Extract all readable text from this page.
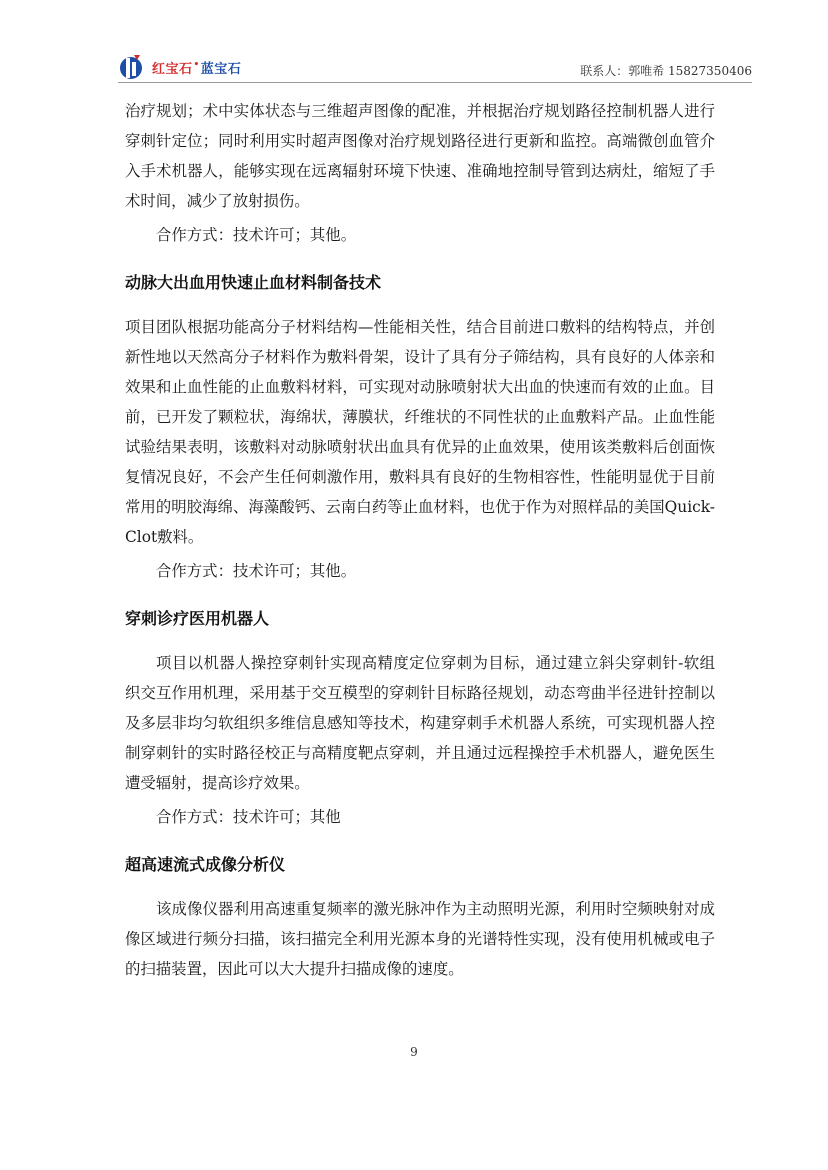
红宝石•蓝宝石	联系人：郭唯希 15827350406

治疗规划；术中实体状态与三维超声图像的配准，并根据治疗规划路径控制机器人进行穿刺针定位；同时利用实时超声图像对治疗规划路径进行更新和监控。高端微创血管介入手术机器人，能够实现在远离辐射环境下快速、准确地控制导管到达病灶，缩短了手术时间，减少了放射损伤。

合作方式：技术许可；其他。

动脉大出血用快速止血材料制备技术

项目团队根据功能高分子材料结构—性能相关性，结合目前进口敷料的结构特点，并创新性地以天然高分子材料作为敷料骨架，设计了具有分子筛结构，具有良好的人体亲和效果和止血性能的止血敷料材料，可实现对动脉喷射状大出血的快速而有效的止血。目前，已开发了颗粒状，海绵状，薄膜状，纤维状的不同性状的止血敷料产品。止血性能试验结果表明，该敷料对动脉喷射状出血具有优异的止血效果，使用该类敷料后创面恢复情况良好，不会产生任何刺激作用，敷料具有良好的生物相容性，性能明显优于目前常用的明胶海绵、海藻酸钙、云南白药等止血材料，也优于作为对照样品的美国Quick-Clot敷料。

合作方式：技术许可；其他。

穿刺诊疗医用机器人

项目以机器人操控穿刺针实现高精度定位穿刺为目标，通过建立斜尖穿刺针-软组织交互作用机理，采用基于交互模型的穿刺针目标路径规划，动态弯曲半径进针控制以及多层非均匀软组织多维信息感知等技术，构建穿刺手术机器人系统，可实现机器人控制穿刺针的实时路径校正与高精度靶点穿刺，并且通过远程操控手术机器人，避免医生遭受辐射，提高诊疗效果。

合作方式：技术许可；其他

超高速流式成像分析仪

该成像仪器利用高速重复频率的激光脉冲作为主动照明光源，利用时空频映射对成像区域进行频分扫描，该扫描完全利用光源本身的光谱特性实现，没有使用机械或电子的扫描装置，因此可以大大提升扫描成像的速度。

9
